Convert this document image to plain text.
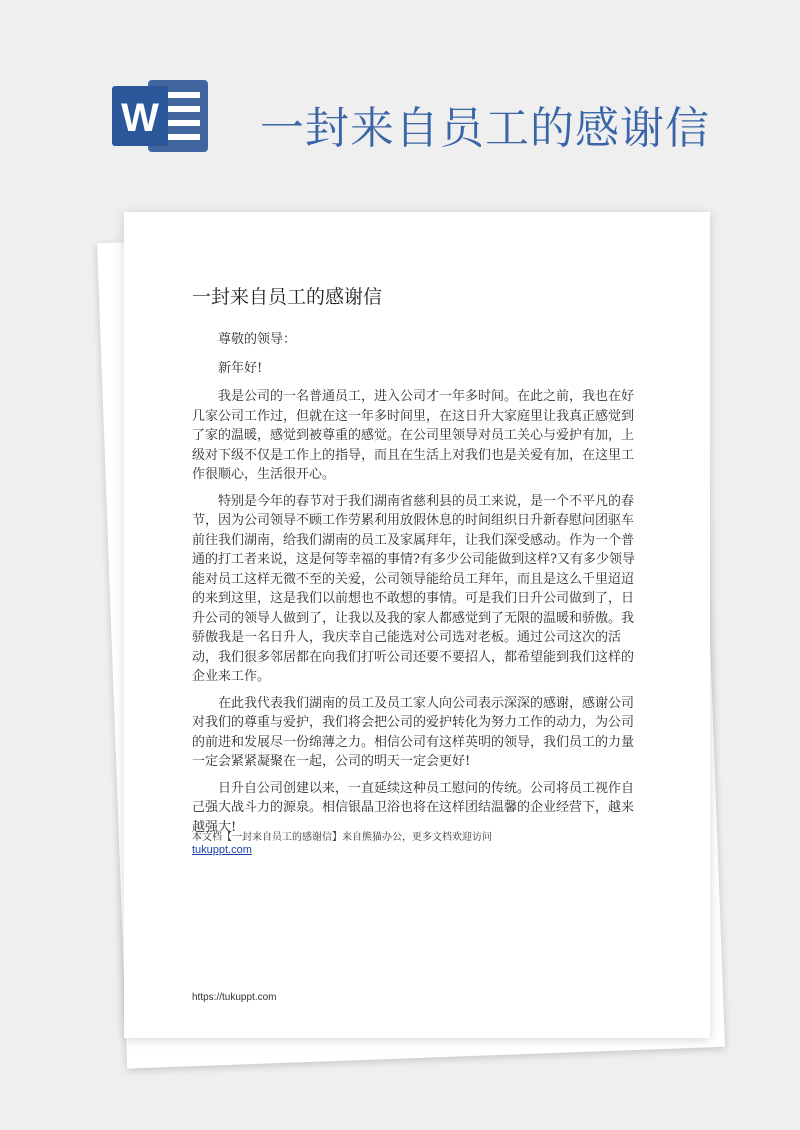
W 一封来自员工的感谢信
一封来自员工的感谢信

尊敬的领导：

新年好!

我是公司的一名普通员工，进入公司才一年多时间。在此之前，我也在好几家公司工作过，但就在这一年多时间里，在这日升大家庭里让我真正感觉到了家的温暖，感觉到被尊重的感觉。在公司里领导对员工关心与爱护有加，上级对下级不仅是工作上的指导，而且在生活上对我们也是关爱有加，在这里工作很顺心，生活很开心。

特别是今年的春节对于我们湖南省慈利县的员工来说，是一个不平凡的春节，因为公司领导不顾工作劳累利用放假休息的时间组织日升新春慰问团驱车前往我们湖南，给我们湖南的员工及家属拜年，让我们深受感动。作为一个普通的打工者来说，这是何等幸福的事情?有多少公司能做到这样?又有多少领导能对员工这样无微不至的关爱，公司领导能给员工拜年，而且是这么千里迢迢的来到这里，这是我们以前想也不敢想的事情。可是我们日升公司做到了，日升公司的领导人做到了，让我以及我的家人都感觉到了无限的温暖和骄傲。我骄傲我是一名日升人，我庆幸自己能选对公司选对老板。通过公司这次的活动，我们很多邻居都在向我们打听公司还要不要招人，都希望能到我们这样的企业来工作。

在此我代表我们湖南的员工及员工家人向公司表示深深的感谢，感谢公司对我们的尊重与爱护，我们将会把公司的爱护转化为努力工作的动力，为公司的前进和发展尽一份绵薄之力。相信公司有这样英明的领导，我们员工的力量一定会紧紧凝聚在一起，公司的明天一定会更好!

日升自公司创建以来，一直延续这种员工慰问的传统。公司将员工视作自己强大战斗力的源泉。相信银晶卫浴也将在这样团结温馨的企业经营下，越来越强大!

本文档【一封来自员工的感谢信】来自熊猫办公，更多文档欢迎访问
tukuppt.com
https://tukuppt.com
